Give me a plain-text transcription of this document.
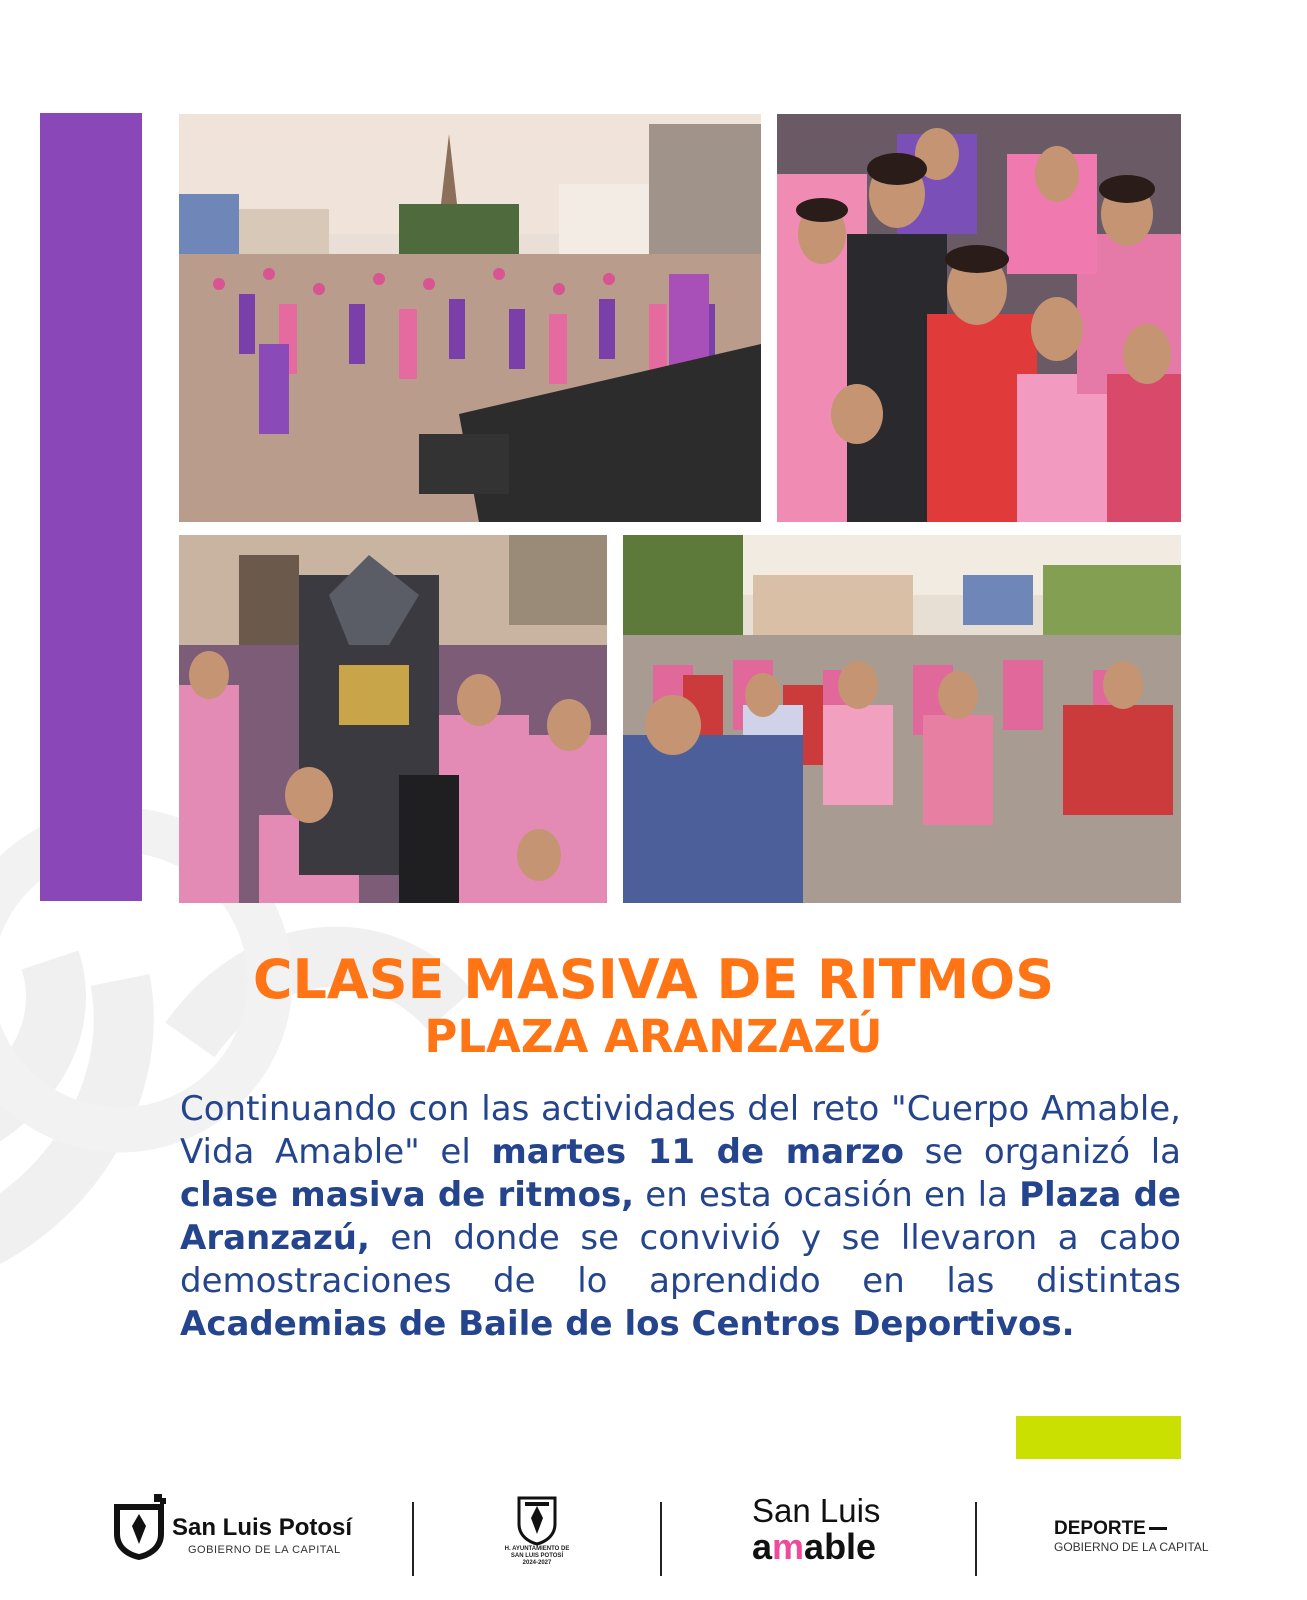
CLASE MASIVA DE RITMOS
PLAZA ARANZAZÚ

Continuando con las actividades del reto "Cuerpo Amable, Vida Amable" el martes 11 de marzo se organizó la clase masiva de ritmos, en esta ocasión en la Plaza de Aranzazú, en donde se convivió y se llevaron a cabo demostraciones de lo aprendido en las distintas Academias de Baile de los Centros Deportivos.

San Luis Potosí
GOBIERNO DE LA CAPITAL	H. AYUNTAMIENTO DE
SAN LUIS POTOSÍ
2024-2027
San Luis
amable	DEPORTE
GOBIERNO DE LA CAPITAL
